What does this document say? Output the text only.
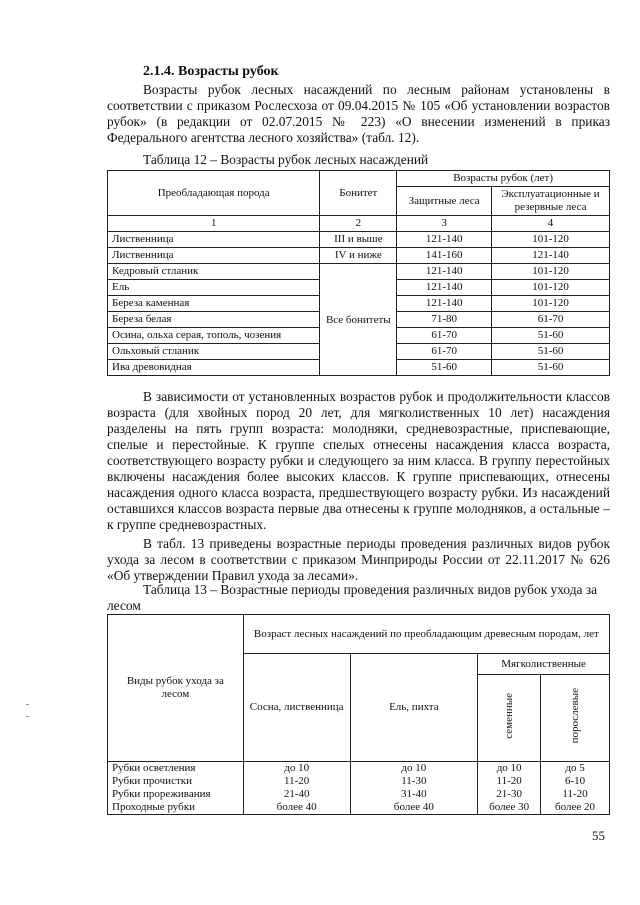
2.1.4. Возрасты рубок
Возрасты рубок лесных насаждений по лесным районам установлены в соответствии с приказом Рослесхоза от 09.04.2015 № 105 «Об установлении возрастов рубок» (в редакции от 02.07.2015 № 223) «О внесении изменений в приказ Федерального агентства лесного хозяйства» (табл. 12).
Таблица 12 – Возрасты рубок лесных насаждений
Преобладающая порода	Бонитет	Возрасты рубок (лет)	
		Защитные леса	Эксплуатационные и резервные леса
1	2	3	4
Лиственница	III и выше	121-140	101-120
Лиственница	IV и ниже	141-160	121-140
Кедровый стланик	Все бонитеты	121-140	101-120
Ель		121-140	101-120
Береза каменная		121-140	101-120
Береза белая		71-80	61-70
Осина, ольха серая, тополь, чозения		61-70	51-60
Ольховый стланик		61-70	51-60
Ива древовидная		51-60	51-60
В зависимости от установленных возрастов рубок и продолжительности классов возраста (для хвойных пород 20 лет, для мягколиственных 10 лет) насаждения разделены на пять групп возраста: молодняки, средневозрастные, приспевающие, спелые и перестойные. К группе спелых отнесены насаждения класса возраста, соответствующего возрасту рубки и следующего за ним класса. В группу перестойных включены насаждения более высоких классов. К группе приспевающих, отнесены насаждения одного класса возраста, предшествующего возрасту рубки. Из насаждений оставшихся классов возраста первые два отнесены к группе молодняков, а остальные – к группе средневозрастных.
В табл. 13 приведены возрастные периоды проведения различных видов рубок ухода за лесом в соответствии с приказом Минприроды России от 22.11.2017 № 626 «Об утверждении Правил ухода за лесами».
Таблица 13 – Возрастные периоды проведения различных видов рубок ухода за лесом
Виды рубок ухода за лесом	Возраст лесных насаждений по преобладающим древесным породам, лет			
	Сосна, лиственница	Ель, пихта	Мягколиственные	
			семенные	порослевые
Рубки осветления	до 10	до 10	до 10	до 5
Рубки прочистки	11-20	11-30	11-20	6-10
Рубки прореживания	21-40	31-40	21-30	11-20
Проходные рубки	более 40	более 40	более 30	более 20
55
